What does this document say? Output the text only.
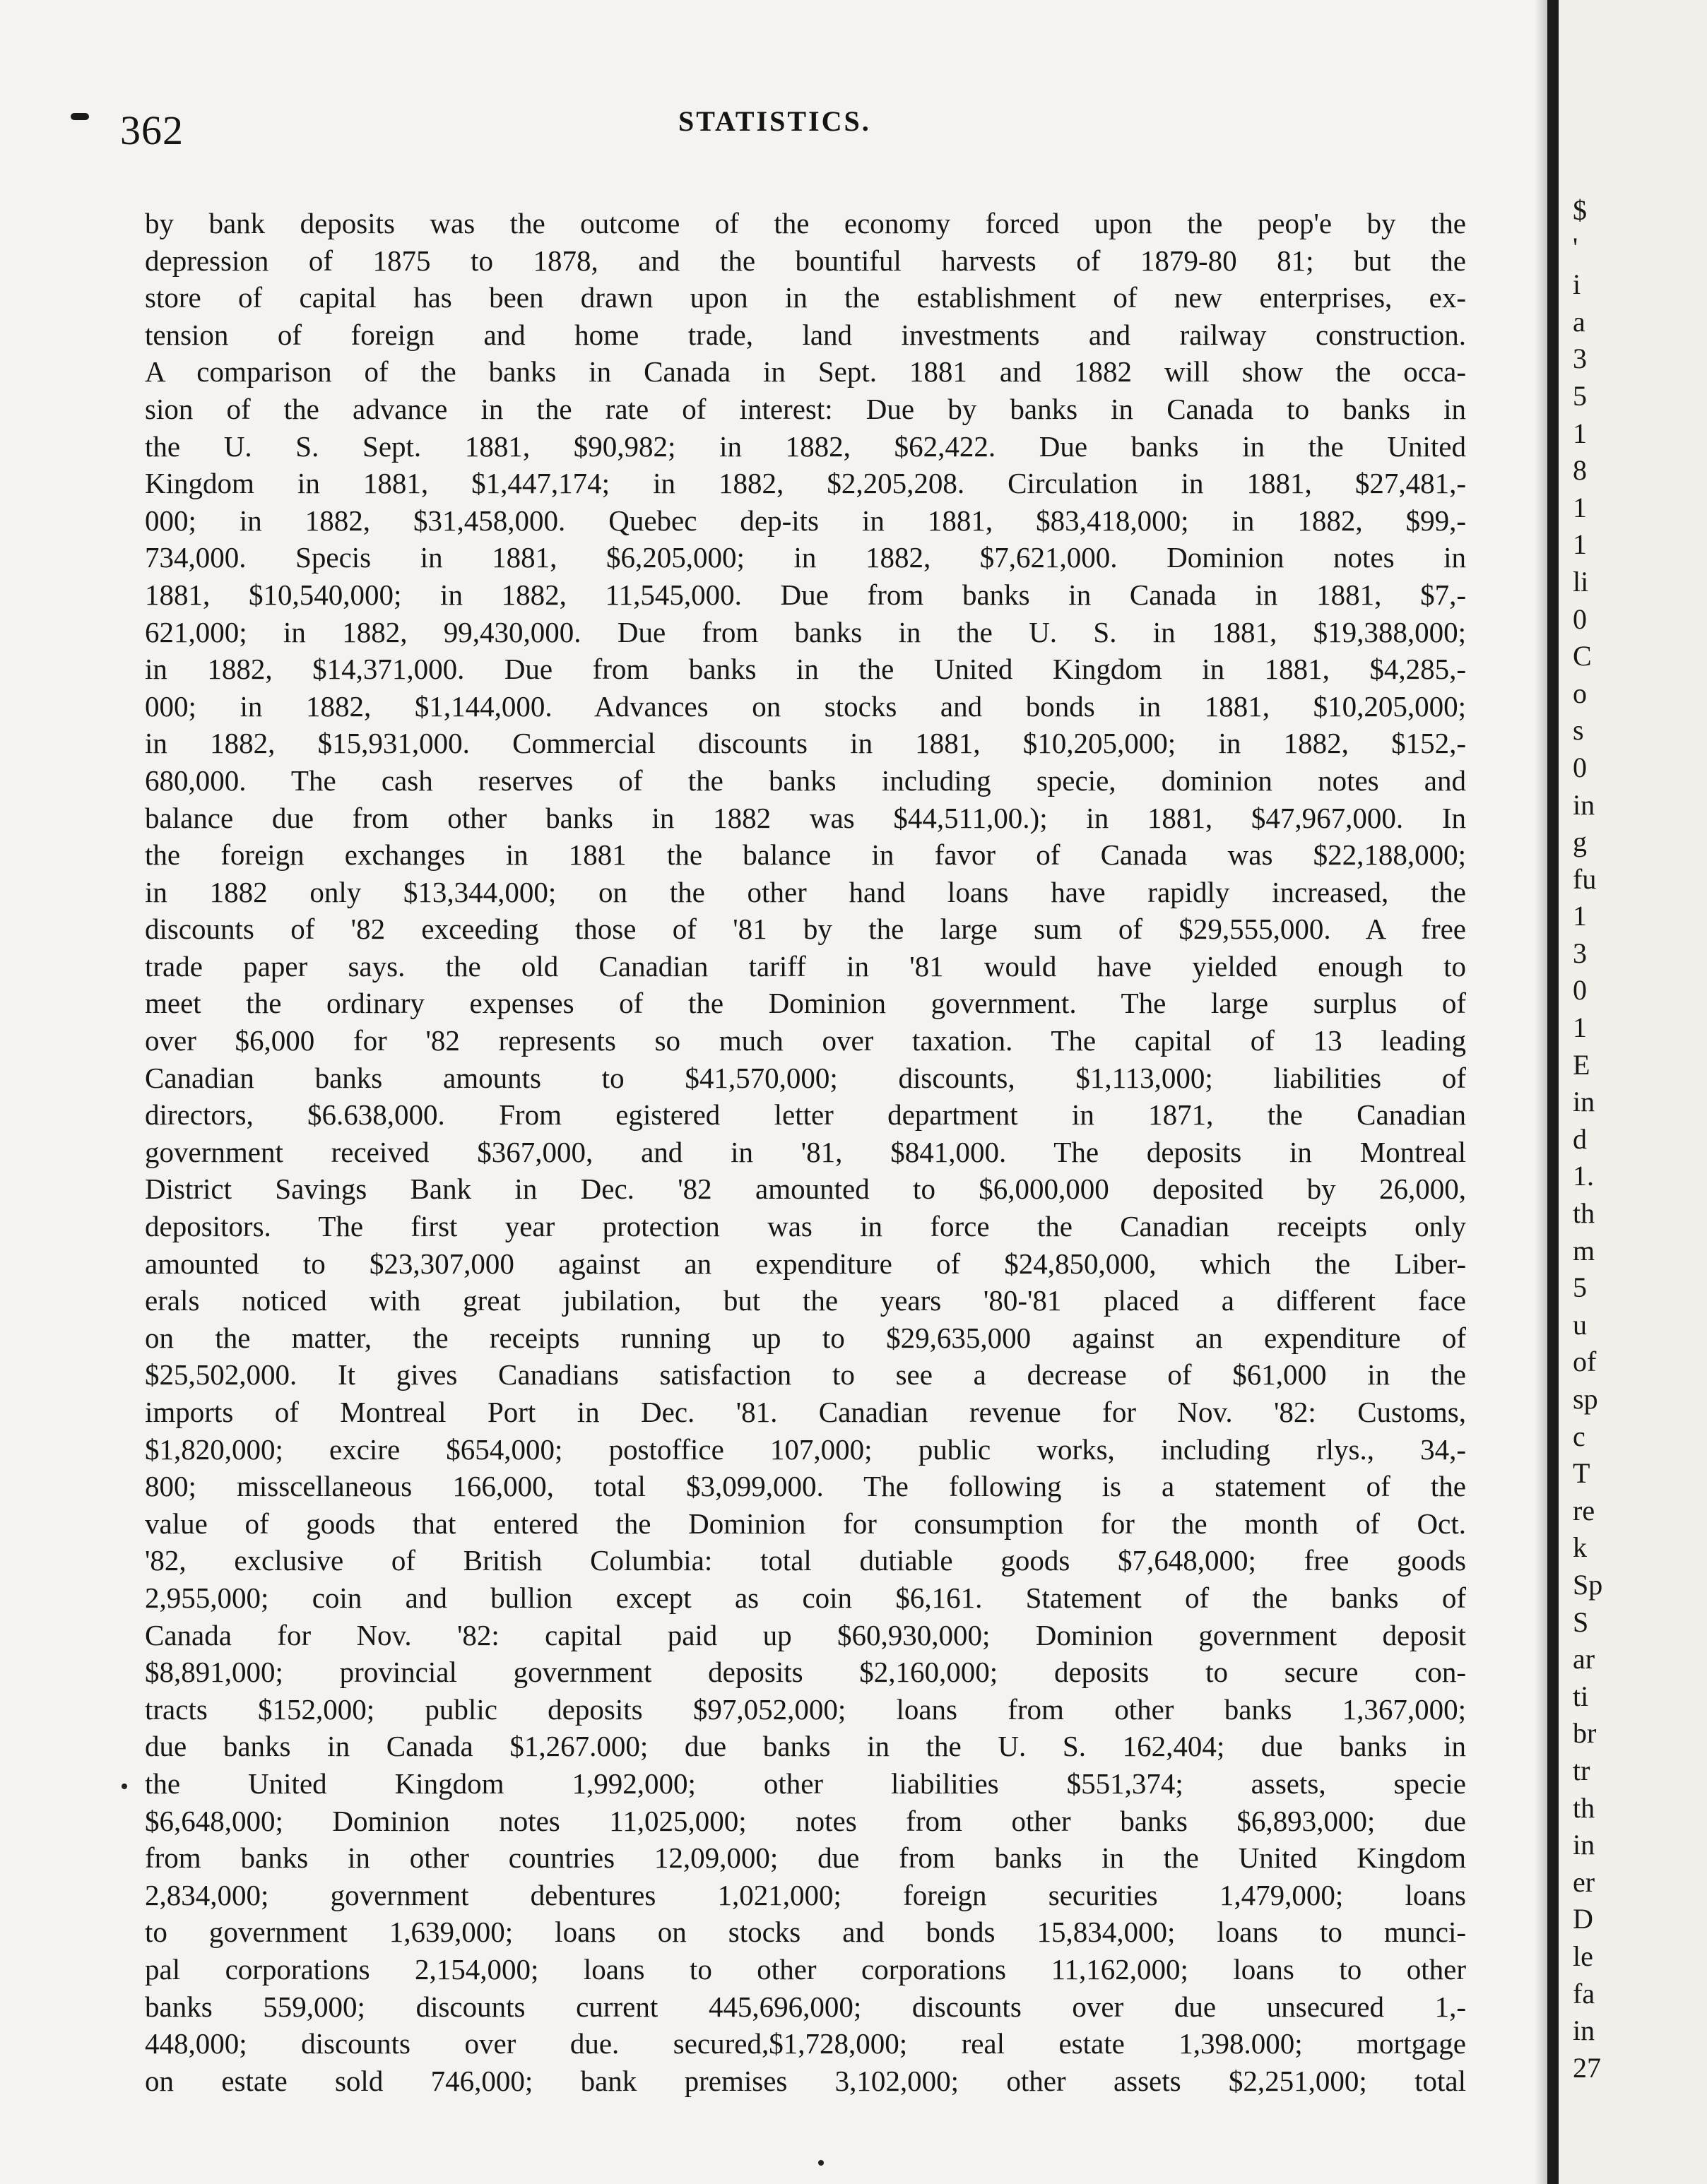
362	STATISTICS.
by bank deposits was the outcome of the economy forced upon the peop'e by the
depression of 1875 to 1878, and the bountiful harvests of 1879-80 81; but the
store of capital has been drawn upon in the establishment of new enterprises, ex-
tension of foreign and home trade, land investments and railway construction.
A comparison of the banks in Canada in Sept. 1881 and 1882 will show the occa-
sion of the advance in the rate of interest: Due by banks in Canada to banks in
the U. S. Sept. 1881, $90,982; in 1882, $62,422. Due banks in the United
Kingdom in 1881, $1,447,174; in 1882, $2,205,208. Circulation in 1881, $27,481,-
000; in 1882, $31,458,000. Quebec dep-its in 1881, $83,418,000; in 1882, $99,-
734,000. Specis in 1881, $6,205,000; in 1882, $7,621,000. Dominion notes in
1881, $10,540,000; in 1882, 11,545,000. Due from banks in Canada in 1881, $7,-
621,000; in 1882, 99,430,000. Due from banks in the U. S. in 1881, $19,388,000;
in 1882, $14,371,000. Due from banks in the United Kingdom in 1881, $4,285,-
000; in 1882, $1,144,000. Advances on stocks and bonds in 1881, $10,205,000;
in 1882, $15,931,000. Commercial discounts in 1881, $10,205,000; in 1882, $152,-
680,000. The cash reserves of the banks including specie, dominion notes and
balance due from other banks in 1882 was $44,511,00.); in 1881, $47,967,000. In
the foreign exchanges in 1881 the balance in favor of Canada was $22,188,000;
in 1882 only $13,344,000; on the other hand loans have rapidly increased, the
discounts of '82 exceeding those of '81 by the large sum of $29,555,000. A free
trade paper says. the old Canadian tariff in '81 would have yielded enough to
meet the ordinary expenses of the Dominion government. The large surplus of
over $6,000 for '82 represents so much over taxation. The capital of 13 leading
Canadian banks amounts to $41,570,000; discounts, $1,113,000; liabilities of
directors, $6.638,000. From egistered letter department in 1871, the Canadian
government received $367,000, and in '81, $841,000. The deposits in Montreal
District Savings Bank in Dec. '82 amounted to $6,000,000 deposited by 26,000,
depositors. The first year protection was in force the Canadian receipts only
amounted to $23,307,000 against an expenditure of $24,850,000, which the Liber-
erals noticed with great jubilation, but the years '80-'81 placed a different face
on the matter, the receipts running up to $29,635,000 against an expenditure of
$25,502,000. It gives Canadians satisfaction to see a decrease of $61,000 in the
imports of Montreal Port in Dec. '81. Canadian revenue for Nov. '82: Customs,
$1,820,000; excire $654,000; postoffice 107,000; public works, including rlys., 34,-
800; misscellaneous 166,000, total $3,099,000. The following is a statement of the
value of goods that entered the Dominion for consumption for the month of Oct.
'82, exclusive of British Columbia: total dutiable goods $7,648,000; free goods
2,955,000; coin and bullion except as coin $6,161. Statement of the banks of
Canada for Nov. '82: capital paid up $60,930,000; Dominion government deposit
$8,891,000; provincial government deposits $2,160,000; deposits to secure con-
tracts $152,000; public deposits $97,052,000; loans from other banks 1,367,000;
due banks in Canada $1,267.000; due banks in the U. S. 162,404; due banks in
the United Kingdom 1,992,000; other liabilities $551,374; assets, specie
$6,648,000; Dominion notes 11,025,000; notes from other banks $6,893,000; due
from banks in other countries 12,09,000; due from banks in the United Kingdom
2,834,000; government debentures 1,021,000; foreign securities 1,479,000; loans
to government 1,639,000; loans on stocks and bonds 15,834,000; loans to munci-
pal corporations 2,154,000; loans to other corporations 11,162,000; loans to other
banks 559,000; discounts current 445,696,000; discounts over due unsecured 1,-
448,000; discounts over due. secured,$1,728,000; real estate 1,398.000; mortgage
on estate sold 746,000; bank premises 3,102,000; other assets $2,251,000; total
$
'
i
a
3
5
1
8
1
1
li
0
C
o
s
0
in
g
fu
1
3
0
1
E
in
d
1.
th
m
5
u
of
sp
c
T
re
k
Sp
S
ar
ti
br
tr
th
in
er
D
le
fa
in
27
